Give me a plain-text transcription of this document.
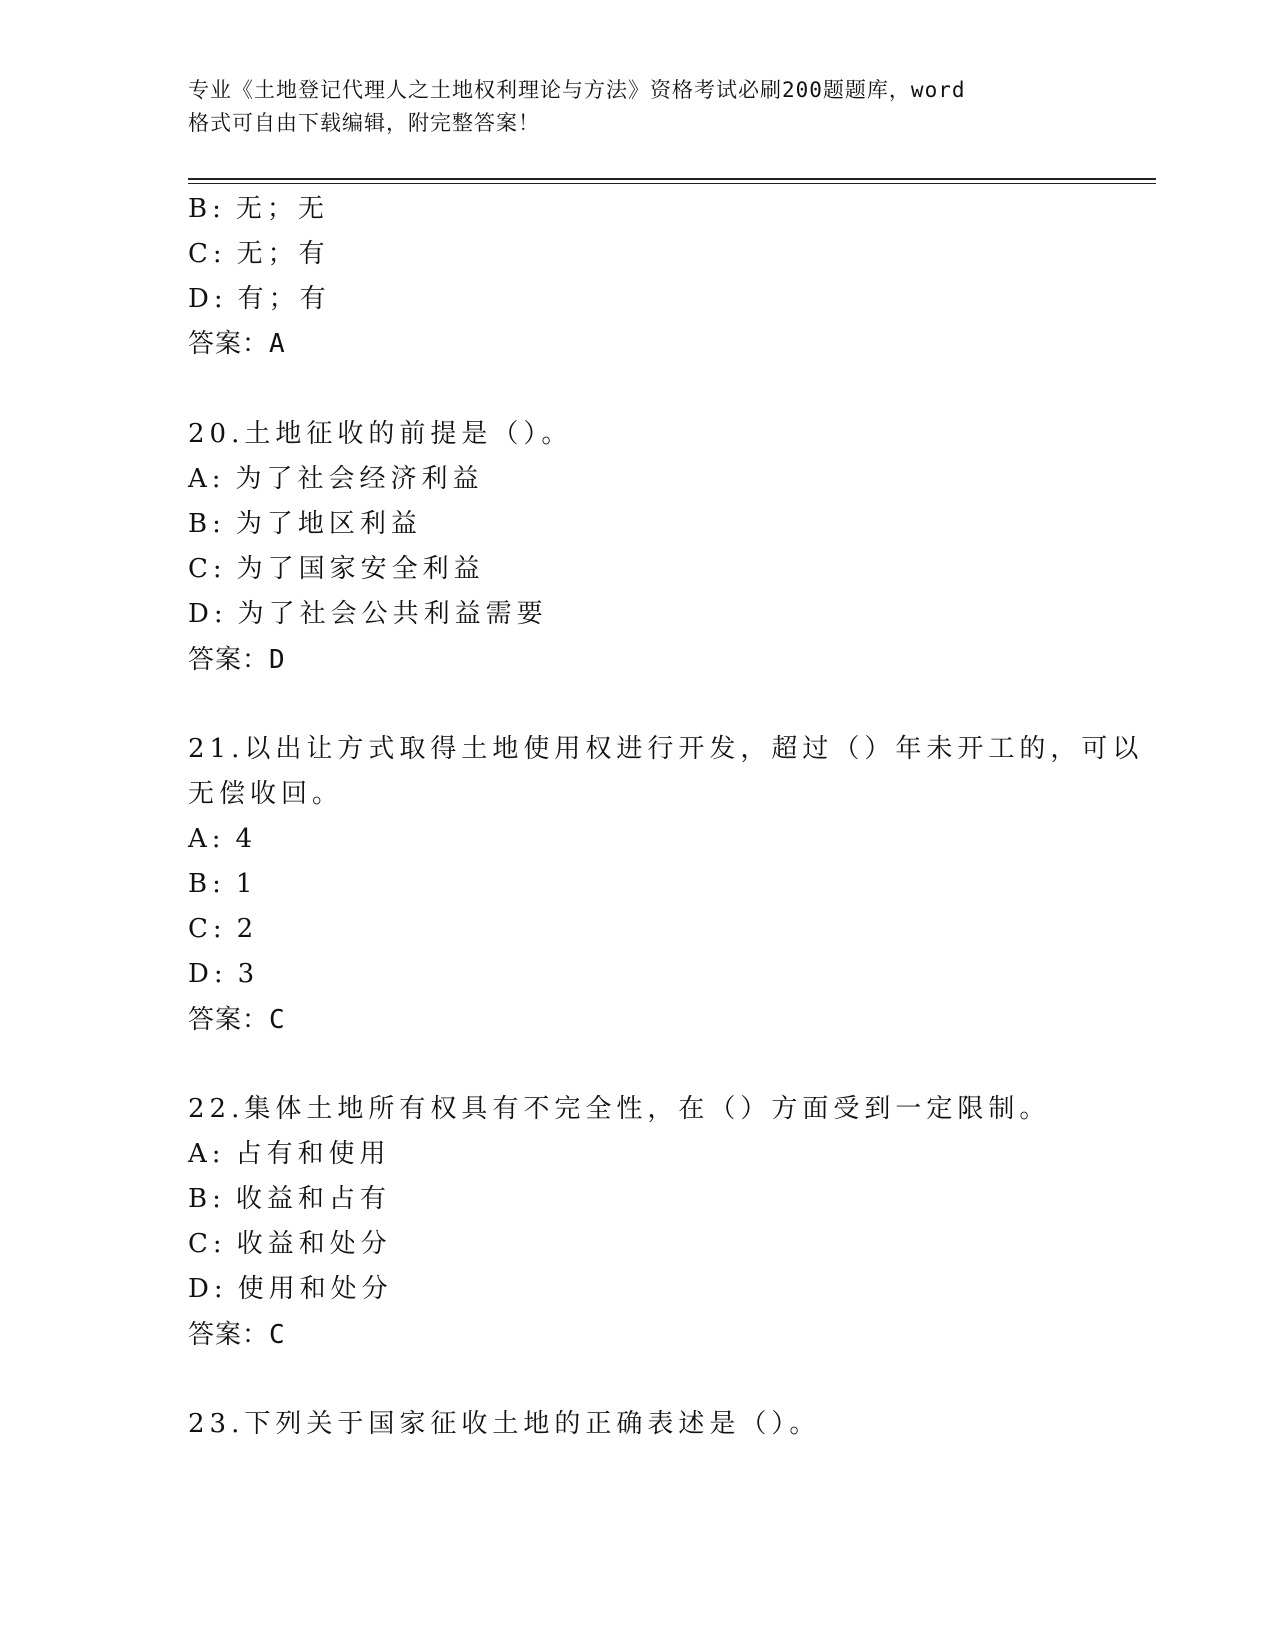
专业《土地登记代理人之土地权利理论与方法》资格考试必刷200题题库，word
格式可自由下载编辑，附完整答案！
B: 无；无
C: 无；有
D: 有；有
答案：A
20.土地征收的前提是（）。
A: 为了社会经济利益
B: 为了地区利益
C: 为了国家安全利益
D: 为了社会公共利益需要
答案：D
21.以出让方式取得土地使用权进行开发，超过（）年未开工的，可以
无偿收回。
A: 4
B: 1
C: 2
D: 3
答案：C
22.集体土地所有权具有不完全性，在（）方面受到一定限制。
A: 占有和使用
B: 收益和占有
C: 收益和处分
D: 使用和处分
答案：C
23.下列关于国家征收土地的正确表述是（）。
